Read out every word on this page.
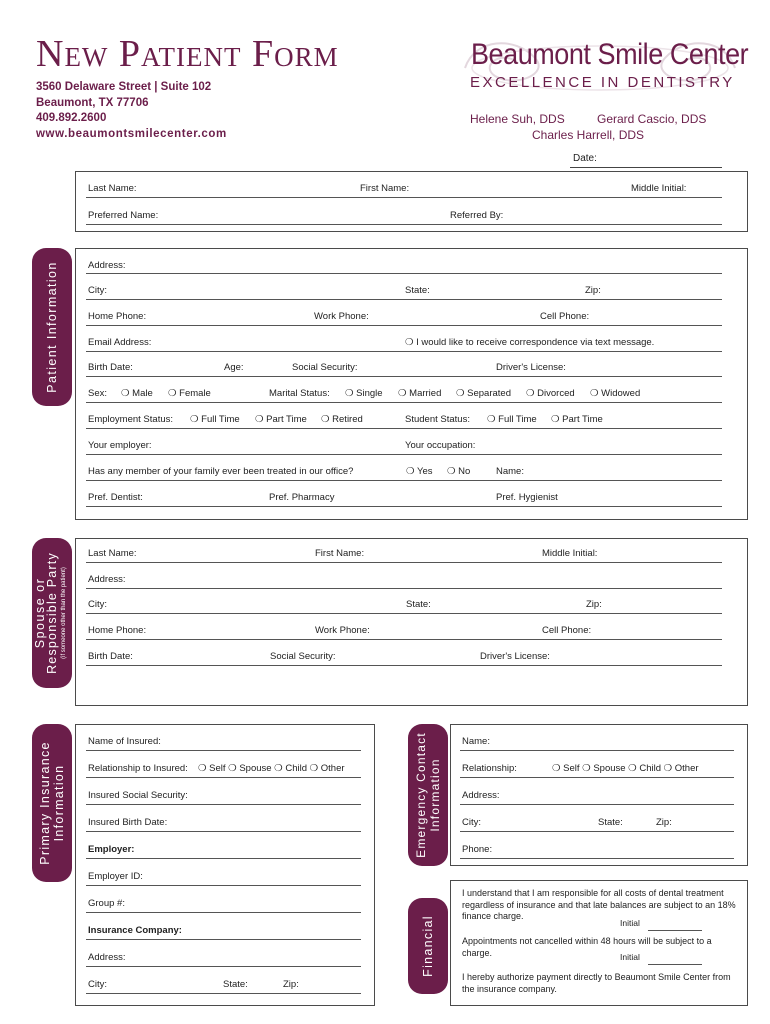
New Patient Form
3560 Delaware Street | Suite 102
Beaumont, TX 77706
409.892.2600
www.beaumontsmilecenter.com
Beaumont Smile Center
EXCELLENCE IN DENTISTRY
Helene Suh, DDS	Gerard Cascio, DDS
Charles Harrell, DDS
Date:
Last Name:	First Name:	Middle Initial:
Preferred Name:	Referred By:
Patient Information	Address:
City:	State:	Zip:
Home Phone:	Work Phone:	Cell Phone:
Email Address:	❍ I would like to receive correspondence via text message.
Birth Date:	Age:	Social Security:	Driver's License:
Sex: ❍ Male ❍ Female	Marital Status: ❍ Single ❍ Married ❍ Separated ❍ Divorced ❍ Widowed
Employment Status: ❍ Full Time ❍ Part Time ❍ Retired	Student Status: ❍ Full Time ❍ Part Time
Your employer:	Your occupation:
Has any member of your family ever been treated in our office?	❍ Yes ❍ No	Name:
Pref. Dentist:	Pref. Pharmacy	Pref. Hygienist
Spouse or
Responsible Party (if someone other than the patient)
Last Name:	First Name:	Middle Initial:
Address:
City:	State:	Zip:
Home Phone:	Work Phone:	Cell Phone:
Birth Date:	Social Security:	Driver's License:
Primary Insurance Information
Name of Insured:
Relationship to Insured: ❍ Self ❍ Spouse ❍ Child ❍ Other
Insured Social Security:
Insured Birth Date:
Employer:
Employer ID:
Group #:
Insurance Company:
Address:
City:	State:	Zip:
Emergency Contact Information
Name:
Relationship:	❍ Self ❍ Spouse ❍ Child ❍ Other
Address:
City:	State:	Zip:
Phone:
Financial
I understand that I am responsible for all costs of dental treatment regardless of insurance and that late balances are subject to an 18% finance charge.
Initial
Appointments not cancelled within 48 hours will be subject to a charge.	Initial
I hereby authorize payment directly to Beaumont Smile Center from the insurance company.
